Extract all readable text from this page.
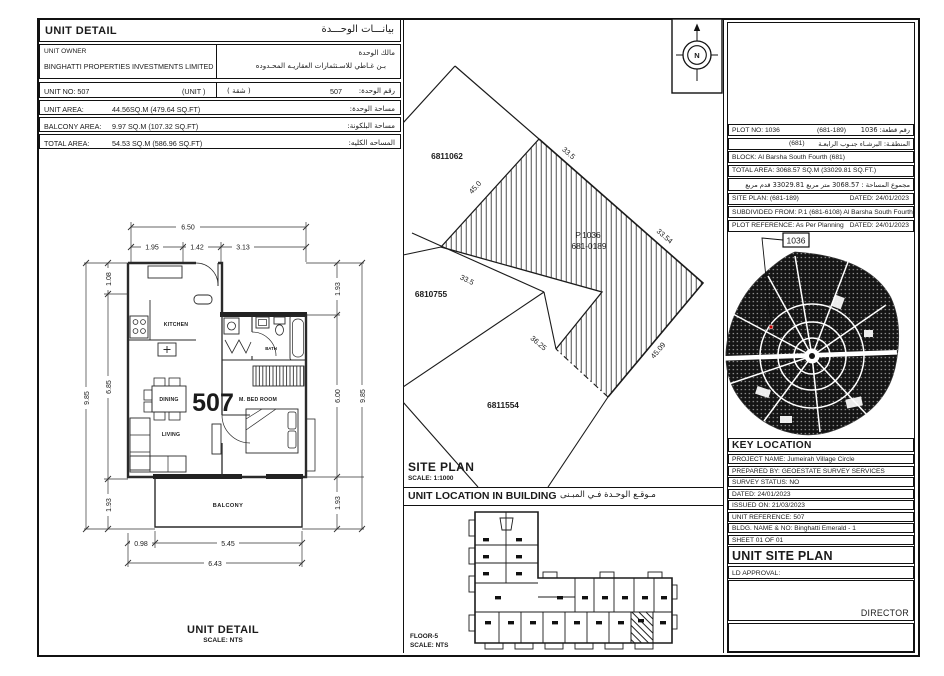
UNIT DETAIL	بيانـــات الوحـــدة
UNIT OWNER
BINGHATTI PROPERTIES INVESTMENTS LIMITED
مالك الوحدة
بـن غـاطي للاسـتثمارات العقاريـه المحـدوده
UNIT NO: 507	(UNIT )	( شقة )	507 رقم الوحدة:
UNIT AREA:	44.56SQ.M (479.64 SQ.FT)	مساحة الوحدة:
BALCONY AREA: 9.97 SQ.M (107.32 SQ.FT)	مساحة البلكونة:
TOTAL AREA:	54.53 SQ.M (586.96 SQ.FT)	المساحه الكليه:
6.50
1.95	1.42	3.13
9.85
1.08
6.85
1.93
1.93
6.00
1.93
9.85
0.98	5.45
6.43
KITCHEN
DINING
LIVING
M. BED ROOM
BATH
BALCONY
507
UNIT DETAIL
SCALE: NTS
6811062
6810755
6811554
P.1036
681-0189
33.5
33.54
45.0
45.09
33.5
36.25
N
SITE PLAN
SCALE: 1:1000
UNIT LOCATION IN BUILDING مـوقـع الوحـدة فـي المبـنى
FLOOR-5
SCALE: NTS
PLOT NO: 1036	(681-189) رقم قطعة: 1036
(681) المنطقـة: البرشـاء جنـوب الرابعـة
BLOCK: Al Barsha South Fourth (681)
TOTAL AREA: 3068.57 SQ.M (33029.81 SQ.FT.)
مجموع المساحة : 3068.57 متر مربع 33029.81 قدم مربع
SITE PLAN: (681-189)	DATED: 24/01/2023
SUBDIVIDED FROM: P.1 (681-6108) Al Barsha South Fourth
PLOT REFERENCE: As Per Planning DATED: 24/01/2023
1036
KEY LOCATION
PROJECT NAME: Jumeirah Village Circle
PREPARED BY: GEOESTATE SURVEY SERVICES
SURVEY STATUS: NO
DATED: 24/01/2023
ISSUED ON: 21/03/2023
UNIT REFERENCE: 507
BLDG. NAME & NO: Binghatti Emerald - 1
SHEET 01 OF 01
UNIT SITE PLAN
LD APPROVAL:
DIRECTOR
